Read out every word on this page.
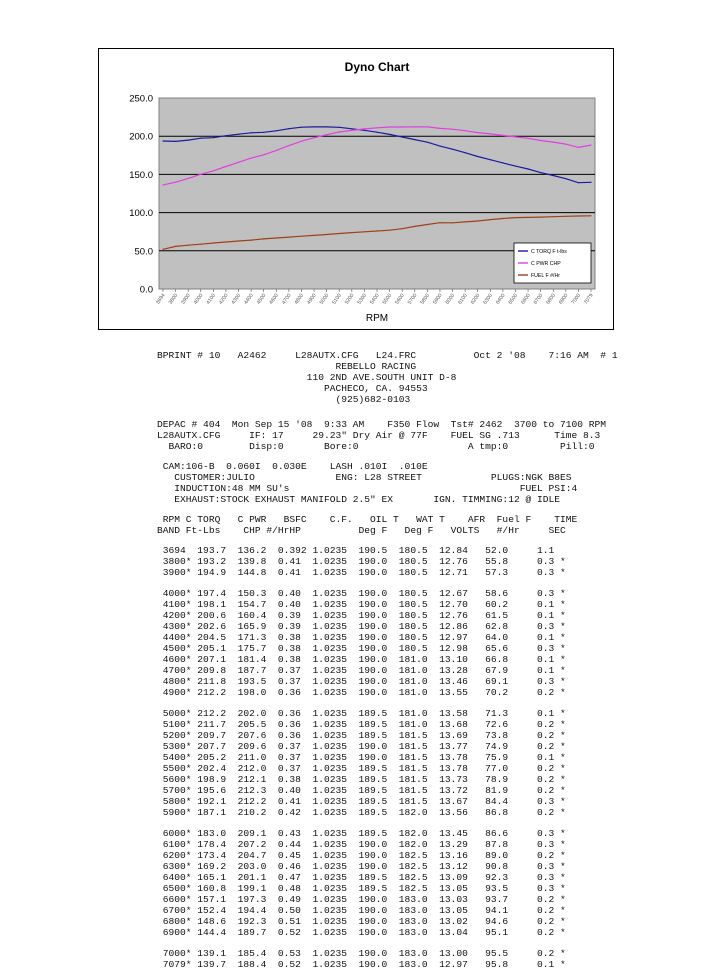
Dyno Chart
0.0
50.0
100.0
150.0
200.0
250.0
3694 3800 3900 4000 4100 4200 4300 4400 4500 4600 4700 4800 4900 5000 5100 5200 5300 5400 5500 5600 5700 5800 5900 6000 6100 6200 6300 6400 6500 6600 6700 6800 6900 7000 7079
RPM
C TORQ F t-lbs
C PWR CHP
FUEL F #/Hr
BPRINT # 10   A2462     L28AUTX.CFG   L24.FRC          Oct 2 '08    7:16 AM  # 1
REBELLO RACING
110 2ND AVE.SOUTH UNIT D-8
PACHECO, CA. 94553
(925)682-0103
DEPAC # 404  Mon Sep 15 '08  9:33 AM    F350 Flow  Tst# 2462  3700 to 7100 RPM
L28AUTX.CFG     IF: 17     29.23" Dry Air @ 77F    FUEL SG .713      Time 8.3
BARO:0        Disp:0       Bore:0                   A tmp:0         Pill:0
CAM:106-B  0.060I  0.030E    LASH .010I  .010E
CUSTOMER:JULIO              ENG: L28 STREET            PLUGS:NGK B8ES
INDUCTION:48 MM SU's                                        FUEL PSI:4
EXHAUST:STOCK EXHAUST MANIFOLD 2.5" EX       IGN. TIMMING:12 @ IDLE
RPM C TORQ   C PWR   BSFC    C.F.   OIL T   WAT T    AFR  Fuel F    TIME
BAND Ft-Lbs    CHP #/HrHP          Deg F   Deg F   VOLTS   #/Hr     SEC
3694  193.7  136.2  0.392 1.0235  190.5  180.5  12.84   52.0     1.1
3800* 193.2  139.8  0.41  1.0235  190.0  180.5  12.76   55.8     0.3 *
3900* 194.9  144.8  0.41  1.0235  190.0  180.5  12.71   57.3     0.3 *
4000* 197.4  150.3  0.40  1.0235  190.0  180.5  12.67   58.6     0.3 *
4100* 198.1  154.7  0.40  1.0235  190.0  180.5  12.70   60.2     0.1 *
4200* 200.6  160.4  0.39  1.0235  190.0  180.5  12.76   61.5     0.1 *
4300* 202.6  165.9  0.39  1.0235  190.0  180.5  12.86   62.8     0.3 *
4400* 204.5  171.3  0.38  1.0235  190.0  180.5  12.97   64.0     0.1 *
4500* 205.1  175.7  0.38  1.0235  190.0  180.5  12.98   65.6     0.3 *
4600* 207.1  181.4  0.38  1.0235  190.0  181.0  13.10   66.8     0.1 *
4700* 209.8  187.7  0.37  1.0235  190.0  181.0  13.28   67.9     0.1 *
4800* 211.8  193.5  0.37  1.0235  190.0  181.0  13.46   69.1     0.3 *
4900* 212.2  198.0  0.36  1.0235  190.0  181.0  13.55   70.2     0.2 *
5000* 212.2  202.0  0.36  1.0235  189.5  181.0  13.58   71.3     0.1 *
5100* 211.7  205.5  0.36  1.0235  189.5  181.0  13.68   72.6     0.2 *
5200* 209.7  207.6  0.36  1.0235  189.5  181.5  13.69   73.8     0.2 *
5300* 207.7  209.6  0.37  1.0235  190.0  181.5  13.77   74.9     0.2 *
5400* 205.2  211.0  0.37  1.0235  190.0  181.5  13.78   75.9     0.1 *
5500* 202.4  212.0  0.37  1.0235  189.5  181.5  13.78   77.0     0.2 *
5600* 198.9  212.1  0.38  1.0235  189.5  181.5  13.73   78.9     0.2 *
5700* 195.6  212.3  0.40  1.0235  189.5  181.5  13.72   81.9     0.2 *
5800* 192.1  212.2  0.41  1.0235  189.5  181.5  13.67   84.4     0.3 *
5900* 187.1  210.2  0.42  1.0235  189.5  182.0  13.56   86.8     0.2 *
6000* 183.0  209.1  0.43  1.0235  189.5  182.0  13.45   86.6     0.3 *
6100* 178.4  207.2  0.44  1.0235  190.0  182.0  13.29   87.8     0.3 *
6200* 173.4  204.7  0.45  1.0235  190.0  182.5  13.16   89.0     0.2 *
6300* 169.2  203.0  0.46  1.0235  190.0  182.5  13.12   90.8     0.3 *
6400* 165.1  201.1  0.47  1.0235  189.5  182.5  13.09   92.3     0.3 *
6500* 160.8  199.1  0.48  1.0235  189.5  182.5  13.05   93.5     0.3 *
6600* 157.1  197.3  0.49  1.0235  190.0  183.0  13.03   93.7     0.2 *
6700* 152.4  194.4  0.50  1.0235  190.0  183.0  13.05   94.1     0.2 *
6800* 148.6  192.3  0.51  1.0235  190.0  183.0  13.02   94.6     0.2 *
6900* 144.4  189.7  0.52  1.0235  190.0  183.0  13.04   95.1     0.2 *
7000* 139.1  185.4  0.53  1.0235  190.0  183.0  13.00   95.5     0.2 *
7079* 139.7  188.4  0.52  1.0235  190.0  183.0  12.97   95.8     0.1 *
